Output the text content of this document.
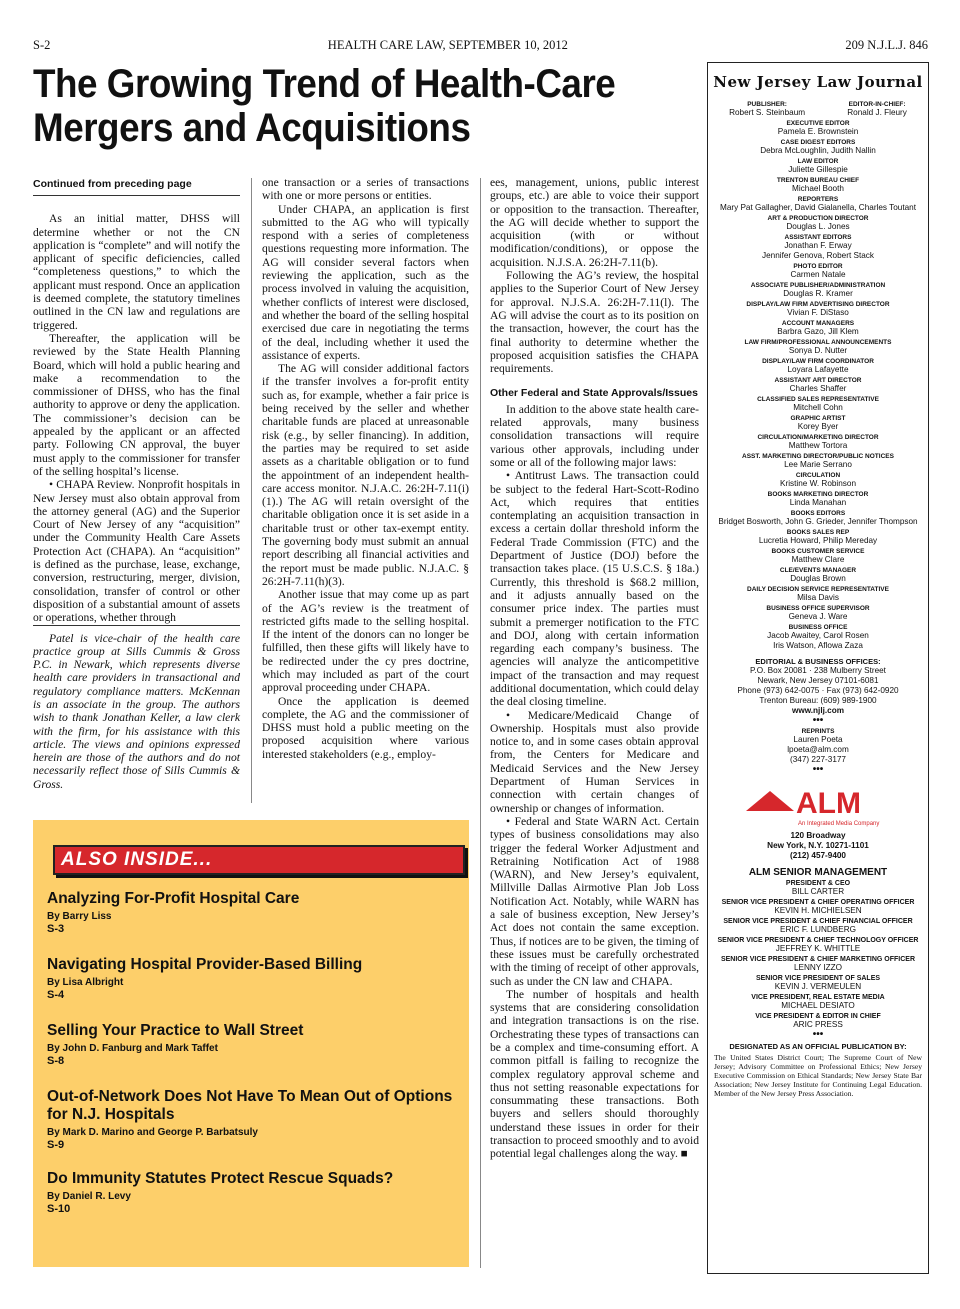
S-2	HEALTH CARE LAW, SEPTEMBER 10, 2012	209 N.J.L.J. 846
The Growing Trend of Health-Care
Mergers and Acquisitions

Continued from preceding page

As an initial matter, DHSS will determine whether or not the CN application is “complete” and will notify the applicant of specific deficiencies, called “completeness questions,” to which the applicant must respond. Once an application is deemed complete, the statutory timelines outlined in the CN law and regulations are triggered.

Thereafter, the application will be reviewed by the State Health Planning Board, which will hold a public hearing and make a recommendation to the commissioner of DHSS, who has the final authority to approve or deny the application. The commissioner’s decision can be appealed by the applicant or an affected party. Following CN approval, the buyer must apply to the commissioner for transfer of the selling hospital’s license.

• CHAPA Review. Nonprofit hospitals in New Jersey must also obtain approval from the attorney general (AG) and the Superior Court of New Jersey of any “acquisition” under the Community Health Care Assets Protection Act (CHAPA). An “acquisition” is defined as the purchase, lease, exchange, conversion, restructuring, merger, division, consolidation, transfer of control or other disposition of a substantial amount of assets or operations, whether through

Patel is vice-chair of the health care practice group at Sills Cummis & Gross P.C. in Newark, which represents diverse health care providers in transactional and regulatory compliance matters. McKennan is an associate in the group. The authors wish to thank Jonathan Keller, a law clerk with the firm, for his assistance with this article. The views and opinions expressed herein are those of the authors and do not necessarily reflect those of Sills Cummis & Gross.

one transaction or a series of transactions with one or more persons or entities.

Under CHAPA, an application is first submitted to the AG who will typically respond with a series of completeness questions requesting more information. The AG will consider several factors when reviewing the application, such as the process involved in valuing the acquisition, whether conflicts of interest were disclosed, and whether the board of the selling hospital exercised due care in negotiating the terms of the deal, including whether it used the assistance of experts.

The AG will consider additional factors if the transfer involves a for-profit entity such as, for example, whether a fair price is being received by the seller and whether charitable funds are placed at unreasonable risk (e.g., by seller financing). In addition, the parties may be required to set aside assets as a charitable obligation or to fund the appointment of an independent health-care access monitor. N.J.A.C. 26:2H-7.11(i)(1).) The AG will retain oversight of the charitable obligation once it is set aside in a charitable trust or other tax-exempt entity. The governing body must submit an annual report describing all financial activities and the report must be made public. N.J.A.C. § 26:2H-7.11(h)(3).

Another issue that may come up as part of the AG’s review is the treatment of restricted gifts made to the selling hospital. If the intent of the donors can no longer be fulfilled, then these gifts will likely have to be redirected under the cy pres doctrine, which may included as part of the court approval proceeding under CHAPA.

Once the application is deemed complete, the AG and the commissioner of DHSS must hold a public meeting on the proposed acquisition where various interested stakeholders (e.g., employ-

ees, management, unions, public interest groups, etc.) are able to voice their support or opposition to the transaction. Thereafter, the AG will decide whether to support the acquisition (with or without modification/conditions), or oppose the acquisition. N.J.S.A. 26:2H-7.11(b).

Following the AG’s review, the hospital applies to the Superior Court of New Jersey for approval. N.J.S.A. 26:2H-7.11(l). The AG will advise the court as to its position on the transaction, however, the court has the final authority to determine whether the proposed acquisition satisfies the CHAPA requirements.

Other Federal and State Approvals/Issues

In addition to the above state health care-related approvals, many business consolidation transactions will require various other approvals, including under some or all of the following major laws:

• Antitrust Laws. The transaction could be subject to the federal Hart-Scott-Rodino Act, which requires that entities contemplating an acquisition transaction in excess a certain dollar threshold inform the Federal Trade Commission (FTC) and the Department of Justice (DOJ) before the transaction takes place. (15 U.S.C.S. § 18a.) Currently, this threshold is $68.2 million, and it adjusts annually based on the consumer price index. The parties must submit a premerger notification to the FTC and DOJ, along with certain information regarding each company’s business. The agencies will analyze the anticompetitive impact of the transaction and may request additional documentation, which could delay the deal closing timeline.

• Medicare/Medicaid Change of Ownership. Hospitals must also provide notice to, and in some cases obtain approval from, the Centers for Medicare and Medicaid Services and the New Jersey Department of Human Services in connection with certain changes of ownership or changes of information.

• Federal and State WARN Act. Certain types of business consolidations may also trigger the federal Worker Adjustment and Retraining Notification Act of 1988 (WARN), and New Jersey’s equivalent, Millville Dallas Airmotive Plan Job Loss Notification Act. Notably, while WARN has a sale of business exception, New Jersey’s Act does not contain the same exception. Thus, if notices are to be given, the timing of these issues must be carefully orchestrated with the timing of receipt of other approvals, such as under the CN law and CHAPA.

The number of hospitals and health systems that are considering consolidation and integration transactions is on the rise. Orchestrating these types of transactions can be a complex and time-consuming effort. A common pitfall is failing to recognize the complex regulatory approval scheme and thus not setting reasonable expectations for consummating these transactions. Both buyers and sellers should thoroughly understand these issues in order for their transaction to proceed smoothly and to avoid potential legal challenges along the way. ■

ALSO INSIDE...
Analyzing For-Profit Hospital Care
By Barry Liss
S-3
Navigating Hospital Provider-Based Billing
By Lisa Albright
S-4
Selling Your Practice to Wall Street
By John D. Fanburg and Mark Taffet
S-8
Out-of-Network Does Not Have To Mean Out of Options for N.J. Hospitals
By Mark D. Marino and George P. Barbatsuly
S-9
Do Immunity Statutes Protect Rescue Squads?
By Daniel R. Levy
S-10
New Jersey Law Journal
PUBLISHER:
Robert S. Steinbaum
EDITOR-IN-CHIEF:
Ronald J. Fleury
EXECUTIVE EDITOR
Pamela E. Brownstein
CASE DIGEST EDITORS
Debra McLoughlin, Judith Nallin
LAW EDITOR
Juliette Gillespie
TRENTON BUREAU CHIEF
Michael Booth
REPORTERS
Mary Pat Gallagher, David Gialanella, Charles Toutant
ART & PRODUCTION DIRECTOR
Douglas L. Jones
ASSISTANT EDITORS
Jonathan F. Erway
Jennifer Genova, Robert Stack
PHOTO EDITOR
Carmen Natale
ASSOCIATE PUBLISHER/ADMINISTRATION
Douglas R. Kramer
DISPLAY/LAW FIRM ADVERTISING DIRECTOR
Vivian F. DiStaso
ACCOUNT MANAGERS
Barbra Gazo, Jill Klem
LAW FIRM/PROFESSIONAL ANNOUNCEMENTS
Sonya D. Nutter
DISPLAY/LAW FIRM COORDINATOR
Loyara Lafayette
ASSISTANT ART DIRECTOR
Charles Shaffer
CLASSIFIED SALES REPRESENTATIVE
Mitchell Cohn
GRAPHIC ARTIST
Korey Byer
CIRCULATION/MARKETING DIRECTOR
Matthew Tortora
ASST. MARKETING DIRECTOR/PUBLIC NOTICES
Lee Marie Serrano
CIRCULATION
Kristine W. Robinson
BOOKS MARKETING DIRECTOR
Linda Manahan
BOOKS EDITORS
Bridget Bosworth, John G. Grieder, Jennifer Thompson
BOOKS SALES REP
Lucretia Howard, Philip Mereday
BOOKS CUSTOMER SERVICE
Matthew Clare
CLE/EVENTS MANAGER
Douglas Brown
DAILY DECISION SERVICE REPRESENTATIVE
Milsa Davis
BUSINESS OFFICE SUPERVISOR
Geneva J. Ware
BUSINESS OFFICE
Jacob Awaitey, Carol Rosen
Iris Watson, Aflowa Zaza
EDITORIAL & BUSINESS OFFICES:
P.O. Box 20081 · 238 Mulberry Street
Newark, New Jersey 07101-6081
Phone (973) 642-0075 · Fax (973) 642-0920
Trenton Bureau: (609) 989-1900
www.njlj.com
•••
REPRINTS
Lauren Poeta
lpoeta@alm.com
(347) 227-3177
•••
ALM
An Integrated Media Company
120 Broadway
New York, N.Y. 10271-1101
(212) 457-9400
ALM SENIOR MANAGEMENT
PRESIDENT & CEO
BILL CARTER
SENIOR VICE PRESIDENT & CHIEF OPERATING OFFICER
KEVIN H. MICHIELSEN
SENIOR VICE PRESIDENT & CHIEF FINANCIAL OFFICER
ERIC F. LUNDBERG
SENIOR VICE PRESIDENT & CHIEF TECHNOLOGY OFFICER
JEFFREY K. WHITTLE
SENIOR VICE PRESIDENT & CHIEF MARKETING OFFICER
LENNY IZZO
SENIOR VICE PRESIDENT OF SALES
KEVIN J. VERMEULEN
VICE PRESIDENT, REAL ESTATE MEDIA
MICHAEL DESIATO
VICE PRESIDENT & EDITOR IN CHIEF
ARIC PRESS
•••
DESIGNATED AS AN OFFICIAL PUBLICATION BY:
The United States District Court; The Supreme Court of New Jersey; Advisory Committee on Professional Ethics; New Jersey Executive Commission on Ethical Standards; New Jersey State Bar Association; New Jersey Institute for Continuing Legal Education. Member of the New Jersey Press Association.
